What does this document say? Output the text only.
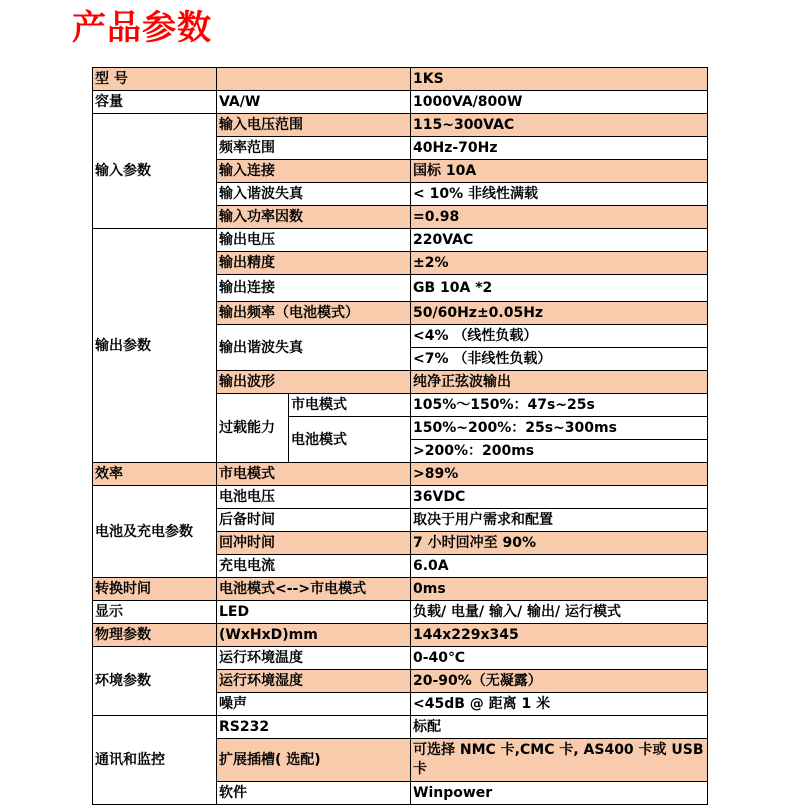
产品参数
型 号			1KS
容量	VA/W		1000VA/800W
输入参数	输入电压范围		115~300VAC
	频率范围		40Hz-70Hz
	输入连接		国标 10A
	输入谐波失真		< 10% 非线性满载
	输入功率因数		=0.98
输出参数	输出电压		220VAC
	输出精度		±2%
	输出连接		GB 10A *2
	输出频率（电池模式）		50/60Hz±0.05Hz
	输出谐波失真		<4% （线性负载）
			<7% （非线性负载）
	输出波形		纯净正弦波输出
	过载能力	市电模式	105%～150%：47s~25s
		电池模式	150%~200%：25s~300ms
			>200%：200ms
效率	市电模式		>89%
电池及充电参数	电池电压		36VDC
	后备时间		取决于用户需求和配置
	回冲时间		7 小时回冲至 90%
	充电电流		6.0A
转换时间	电池模式<-->市电模式		0ms
显示	LED		负载/ 电量/ 输入/ 输出/ 运行模式
物理参数	(WxHxD)mm		144x229x345
环境参数	运行环境温度		0-40℃
	运行环境湿度		20-90%（无凝露）
	噪声		<45dB @ 距离 1 米
通讯和监控	RS232		标配
	扩展插槽( 选配)		可选择 NMC 卡,CMC 卡, AS400 卡或 USB 卡
	软件		Winpower
